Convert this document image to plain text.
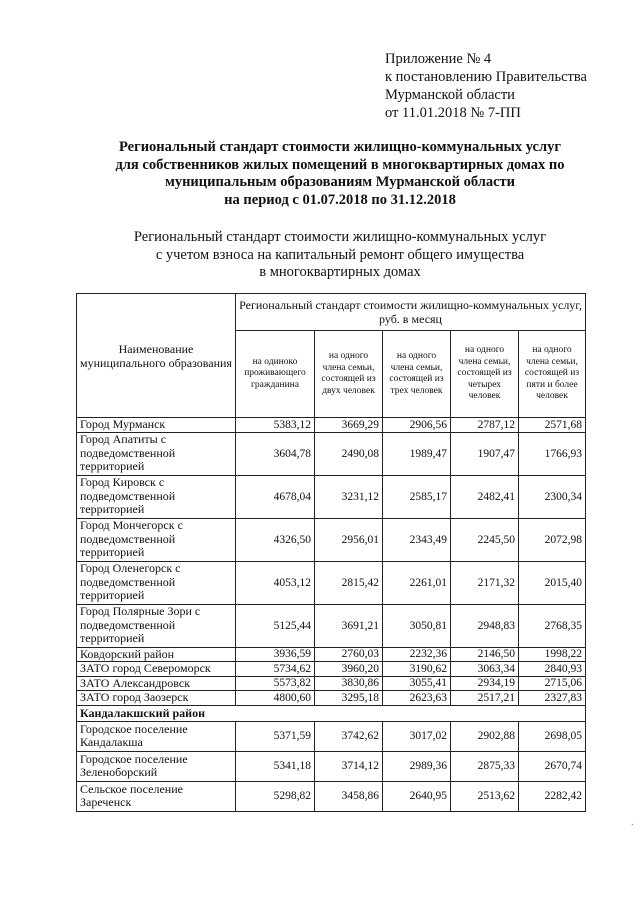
Приложение № 4
к постановлению Правительства
Мурманской области
от 11.01.2018 № 7-ПП
Региональный стандарт стоимости жилищно-коммунальных услуг
для собственников жилых помещений в многоквартирных домах по
муниципальным образованиям Мурманской области
на период с 01.07.2018 по 31.12.2018
Региональный стандарт стоимости жилищно-коммунальных услуг
с учетом взноса на капитальный ремонт общего имущества
в многоквартирных домах
Наименование муниципального образования	Региональный стандарт стоимости жилищно-коммунальных услуг, руб. в месяц				
	на одиноко проживающего гражданина	на одного члена семьи, состоящей из двух человек	на одного члена семьи, состоящей из трех человек	на одного члена семьи, состоящей из четырех человек	на одного члена семьи, состоящей из пяти и более человек
Город Мурманск	5383,12	3669,29	2906,56	2787,12	2571,68
Город Апатиты с подведомственной территорией	3604,78	2490,08	1989,47	1907,47	1766,93
Город Кировск с подведомственной территорией	4678,04	3231,12	2585,17	2482,41	2300,34
Город Мончегорск с подведомственной территорией	4326,50	2956,01	2343,49	2245,50	2072,98
Город Оленегорск с подведомственной территорией	4053,12	2815,42	2261,01	2171,32	2015,40
Город Полярные Зори с подведомственной территорией	5125,44	3691,21	3050,81	2948,83	2768,35
Ковдорский район	3936,59	2760,03	2232,36	2146,50	1998,22
ЗАТО город Североморск	5734,62	3960,20	3190,62	3063,34	2840,93
ЗАТО Александровск	5573,82	3830,86	3055,41	2934,19	2715,06
ЗАТО город Заозерск	4800,60	3295,18	2623,63	2517,21	2327,83
Кандалакшский район					
Городское поселение Кандалакша	5371,59	3742,62	3017,02	2902,88	2698,05
Городское поселение Зеленоборский	5341,18	3714,12	2989,36	2875,33	2670,74
Сельское поселение Зареченск	5298,82	3458,86	2640,95	2513,62	2282,42
·
